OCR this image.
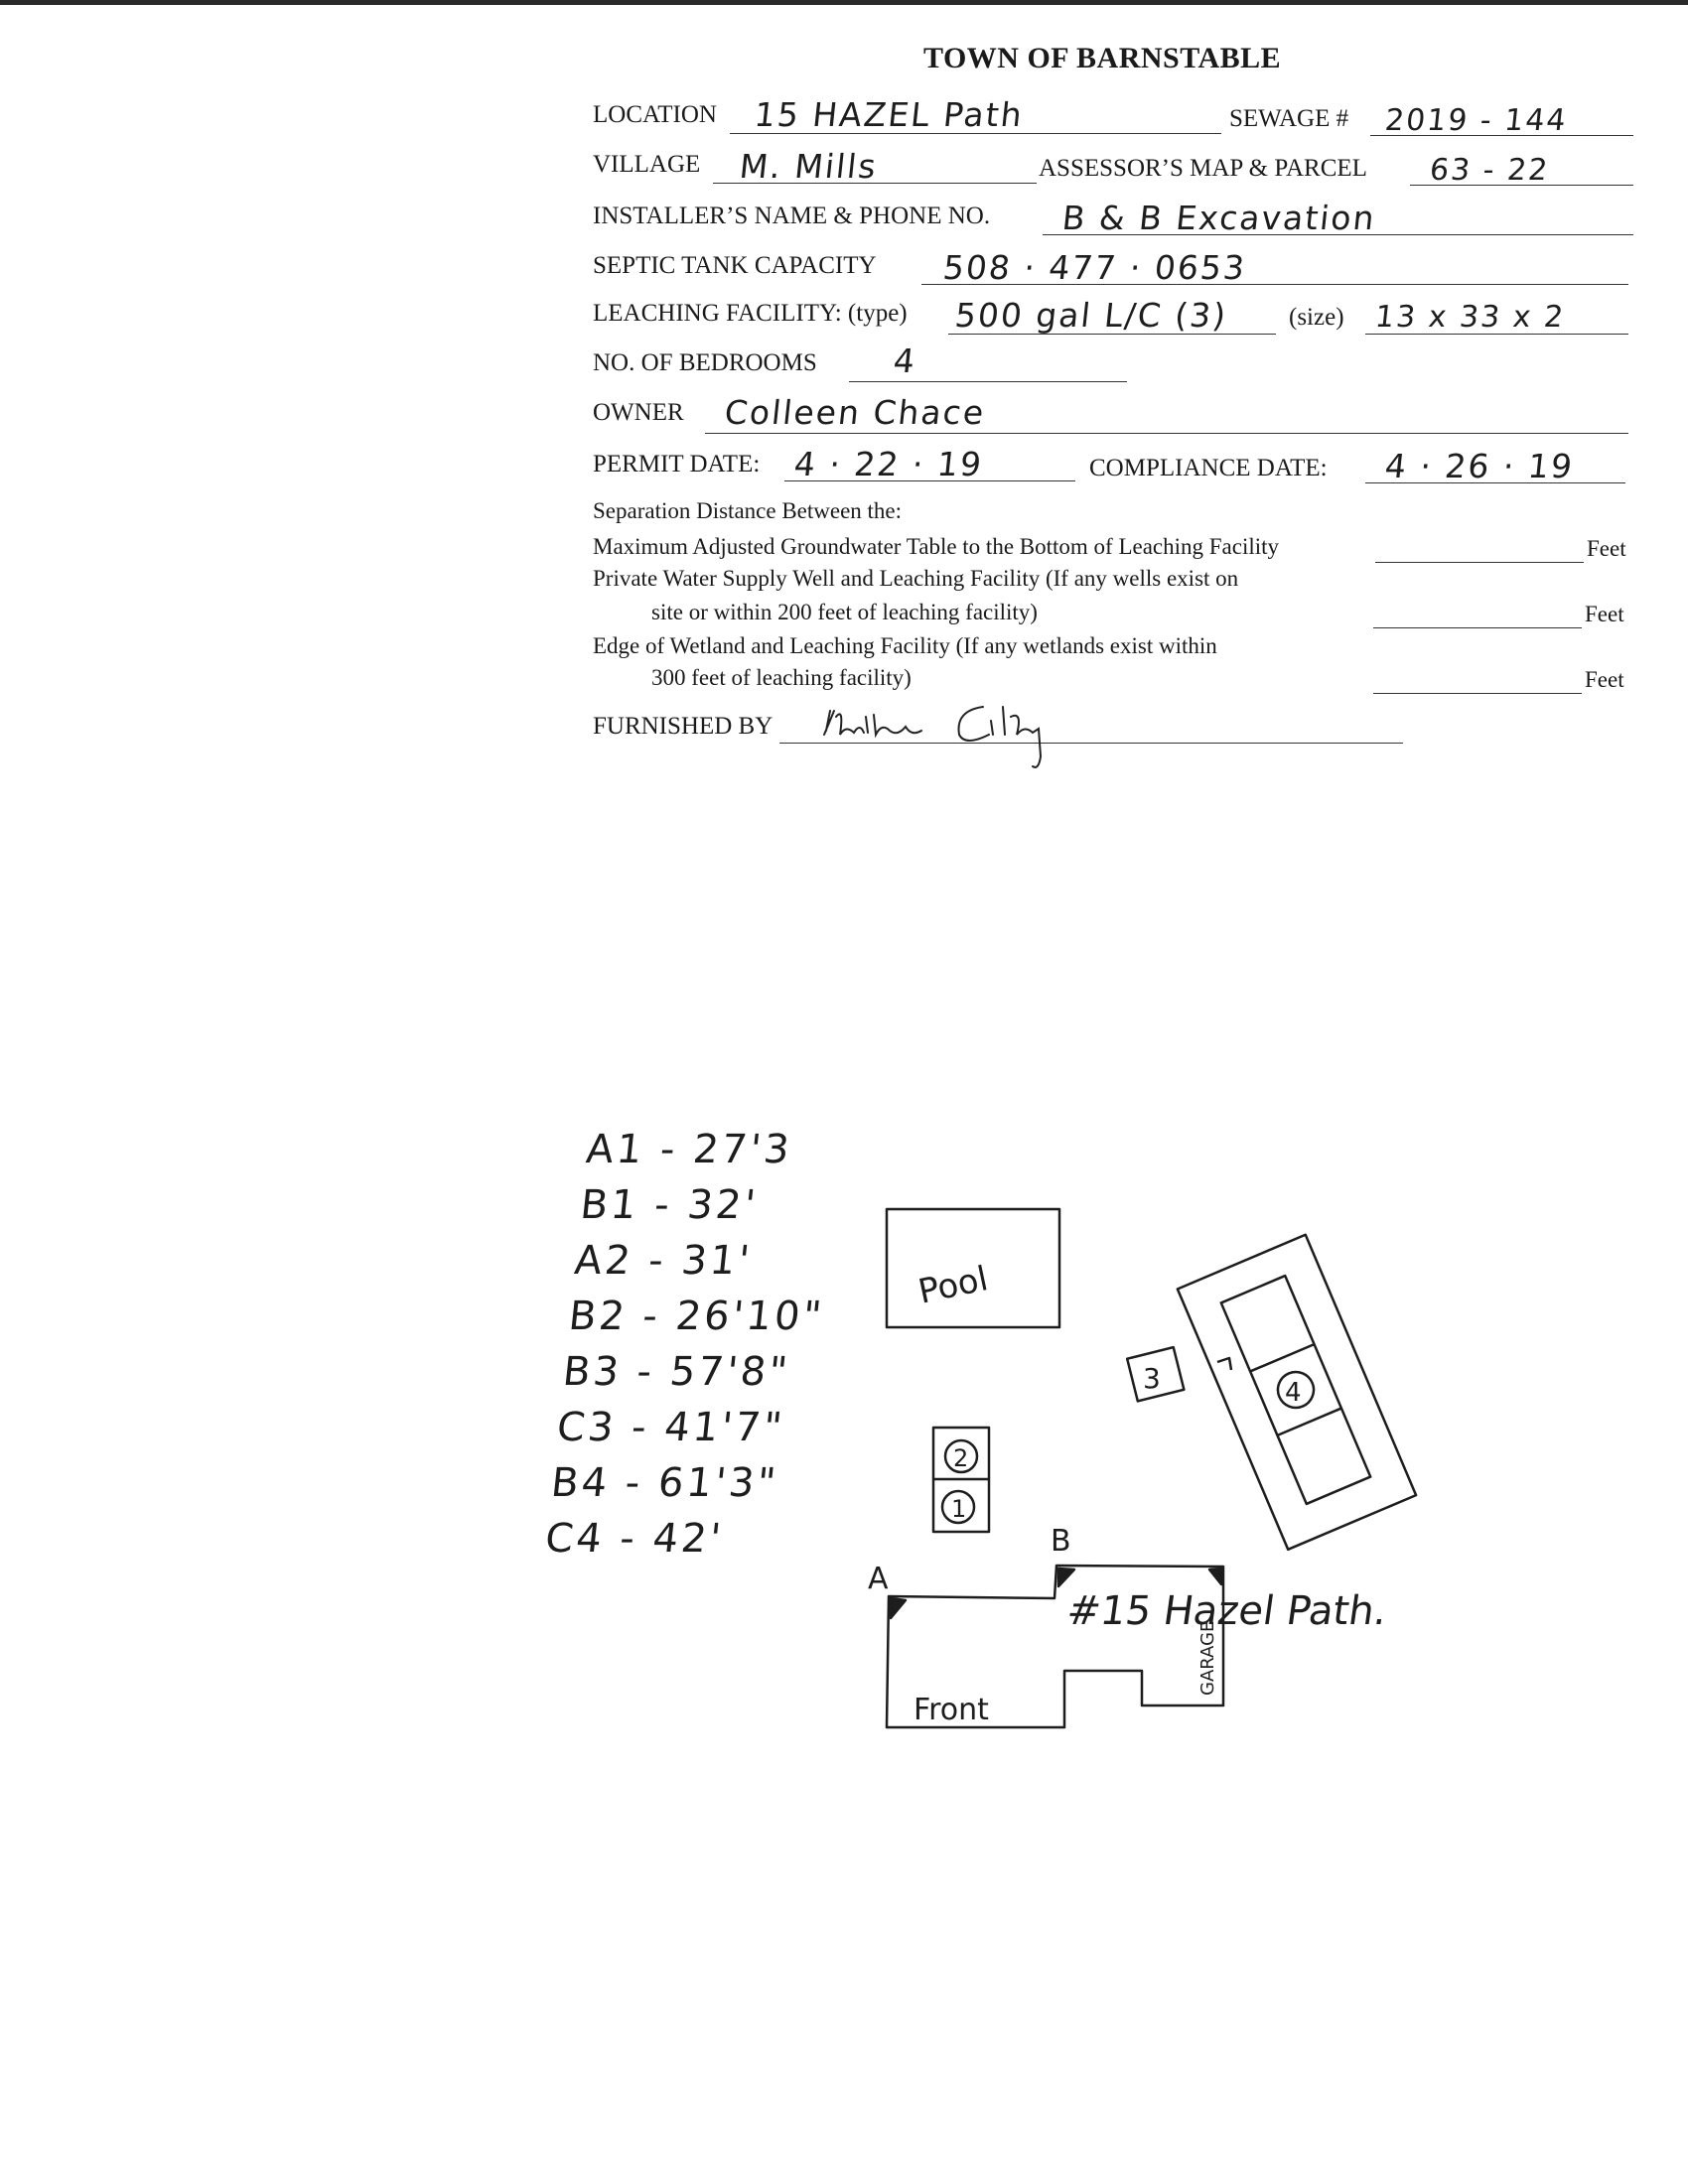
TOWN OF BARNSTABLE
LOCATION 15 HAZEL Path	SEWAGE # 2019 - 144
VILLAGE M. Mills	ASSESSOR’S MAP & PARCEL 63 - 22
INSTALLER’S NAME & PHONE NO. B & B Excavation
SEPTIC TANK CAPACITY 508 · 477 · 0653
LEACHING FACILITY: (type) 500 gal L/C (3) (size) 13 x 33 x 2
NO. OF BEDROOMS 4
OWNER Colleen Chace
PERMIT DATE: 4 · 22 · 19	COMPLIANCE DATE: 4 · 26 · 19
Separation Distance Between the:
Maximum Adjusted Groundwater Table to the Bottom of Leaching Facility	Feet
Private Water Supply Well and Leaching Facility (If any wells exist on
site or within 200 feet of leaching facility)	Feet
Edge of Wetland and Leaching Facility (If any wetlands exist within
300 feet of leaching facility)	Feet
FURNISHED BY
A1 - 27'3
B1 - 32'
A2 - 31'
B2 - 26'10"
B3 - 57'8"
C3 - 41'7"
B4 - 61'3"
C4 - 42'
Pool
3	4
2
1
A
B
Front
GARAGE
#15 Hazel Path.
